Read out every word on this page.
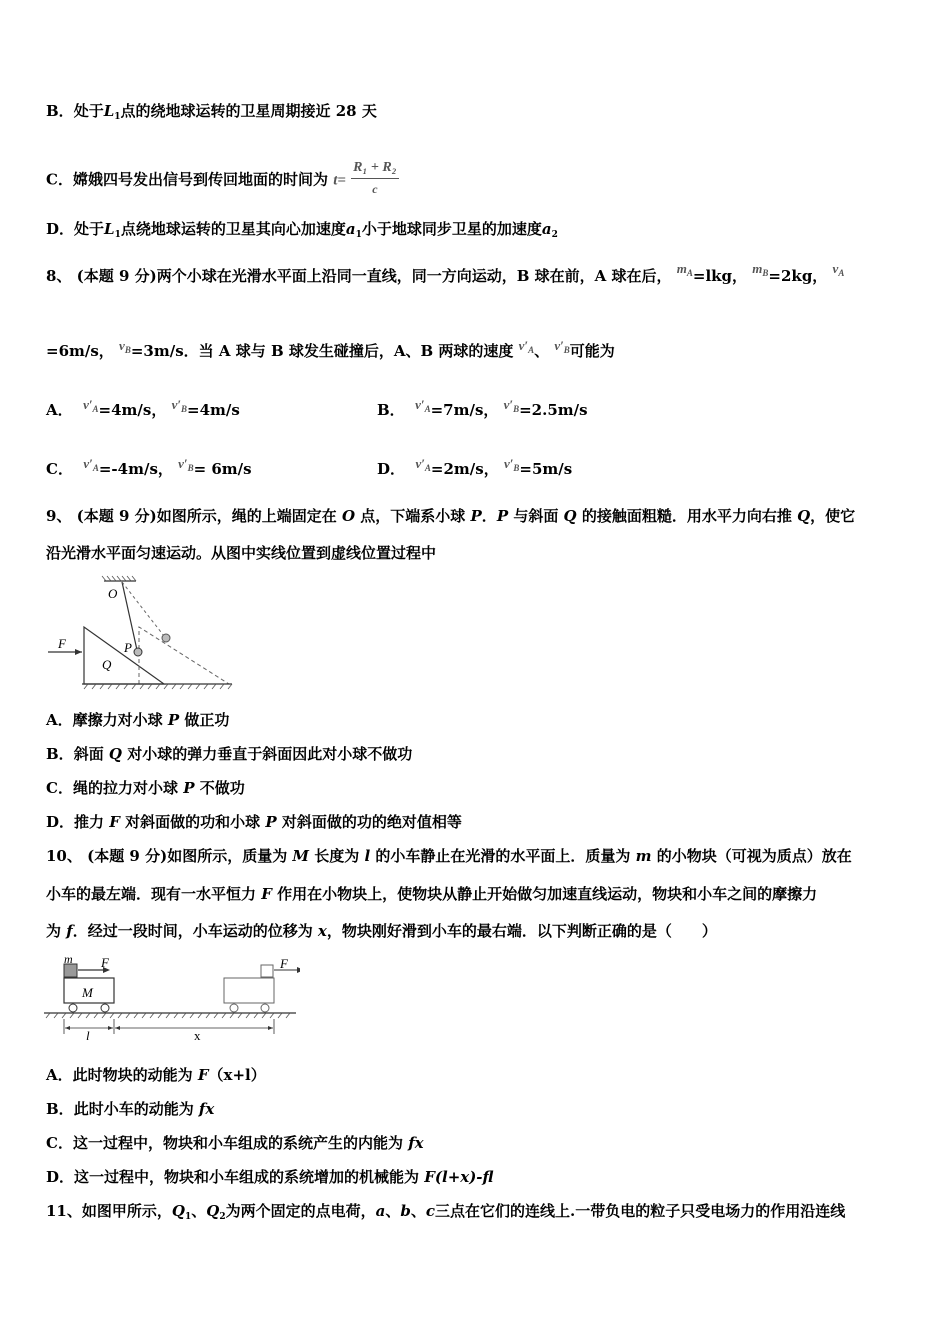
B．处于$L_1$点的绕地球运转的卫星周期接近 28 天
C．嫦娥四号发出信号到传回地面的时间为 $t= \frac{\text{R₁ + R₂}}{c}$
D．处于$L_1$点绕地球运转的卫星其向心加速度$a_1$小于地球同步卫星的加速度$a_2$
8、 (本题 9 分)两个小球在光滑水平面上沿同一直线，同一方向运动，B 球在前，A 球在后， $m^A=lkg$， $m^B=2kg$， $v^A$
=6m/s， $v^B=3m/s$．当 A 球与 B 球发生碰撞后，A、B 两球的速度 $v'^A$、 $v'^B$可能为
A． $v'^A=4m/s$， $v'^B=4m/s$	B． $v'^A=7m/s$， $v'^B=2.5m/s$
C． $v'^A=-4m/s$， $v'^B= 6m/s$	D． $v'^A=2m/s$， $v'^B=5m/s$
9、 (本题 9 分)如图所示，绳的上端固定在 O 点，下端系小球 P．P 与斜面 Q 的接触面粗糙．用水平力向右推 Q，使它
沿光滑水平面匀速运动。从图中实线位置到虚线位置过程中
O
P
Q
F
A．摩擦力对小球 P 做正功
B．斜面 Q 对小球的弹力垂直于斜面因此对小球不做功
C．绳的拉力对小球 P 不做功
D．推力 F 对斜面做的功和小球 P 对斜面做的功的绝对值相等
10、 (本题 9 分)如图所示，质量为 M 长度为 l 的小车静止在光滑的水平面上．质量为 m 的小物块（可视为质点）放在
小车的最左端．现有一水平恒力 F 作用在小物块上，使物块从静止开始做匀加速直线运动，物块和小车之间的摩擦力
为 f．经过一段时间，小车运动的位移为 x，物块刚好滑到小车的最右端．以下判断正确的是（　　）
m F
M
F
l	x
A．此时物块的动能为 F（x+l）
B．此时小车的动能为 fx
C．这一过程中，物块和小车组成的系统产生的内能为 fx
D．这一过程中，物块和小车组成的系统增加的机械能为 F(l+x)-fl
11、如图甲所示，$Q_1$、$Q_2$为两个固定的点电荷，a、b、c三点在它们的连线上.一带负电的粒子只受电场力的作用沿连线
